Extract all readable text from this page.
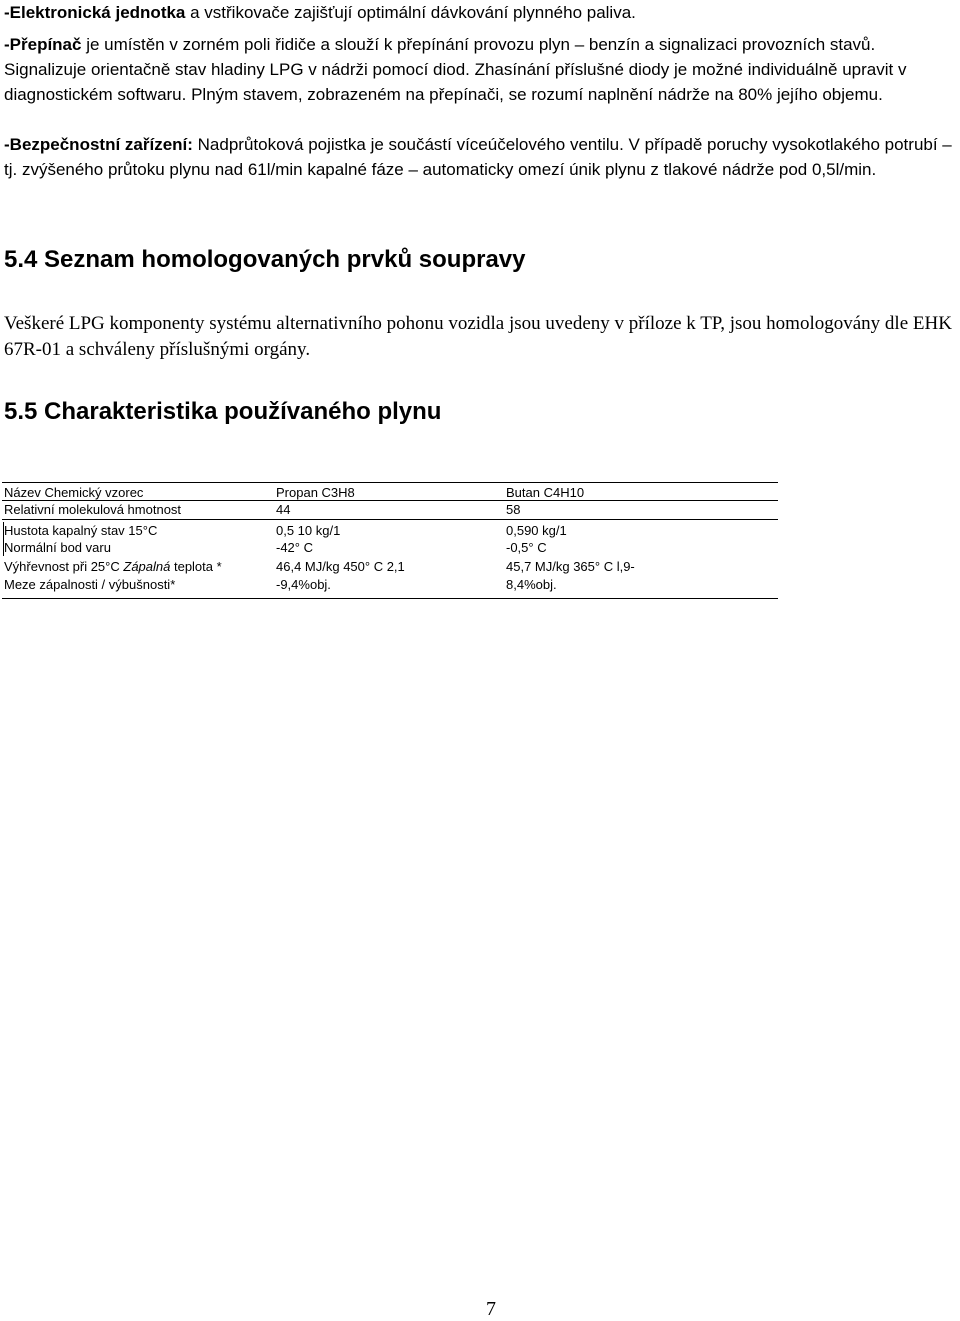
-Elektronická jednotka a vstřikovače zajišťují optimální dávkování plynného paliva.

-Přepínač je umístěn v zorném poli řidiče a slouží k přepínání provozu plyn – benzín a signalizaci provozních stavů. Signalizuje orientačně stav hladiny LPG v nádrži pomocí diod. Zhasínání příslušné diody je možné individuálně upravit v diagnostickém softwaru. Plným stavem, zobrazeném na přepínači, se rozumí naplnění nádrže na 80% jejího objemu.

-Bezpečnostní zařízení: Nadprůtoková pojistka je součástí víceúčelového ventilu. V případě poruchy vysokotlakého potrubí – tj. zvýšeného průtoku plynu nad 61l/min kapalné fáze – automaticky omezí únik plynu z tlakové nádrže pod 0,5l/min.

5.4 Seznam homologovaných prvků soupravy

Veškeré LPG komponenty systému alternativního pohonu vozidla jsou uvedeny v příloze k TP, jsou homologovány dle EHK 67R-01 a schváleny příslušnými orgány.

5.5 Charakteristika používaného plynu
Název Chemický vzorec	Propan C3H8	Butan C4H10
Relativní molekulová hmotnost	44	58
Hustota kapalný stav 15°C	0,5 10 kg/1	0,590 kg/1
Normální bod varu	-42° C	-0,5° C
Výhřevnost při 25°C Zápalná teplota *	46,4 MJ/kg 450° C 2,1	45,7 MJ/kg 365° C l,9-
Meze zápalnosti / výbušnosti*	-9,4%obj.	8,4%obj.
7
